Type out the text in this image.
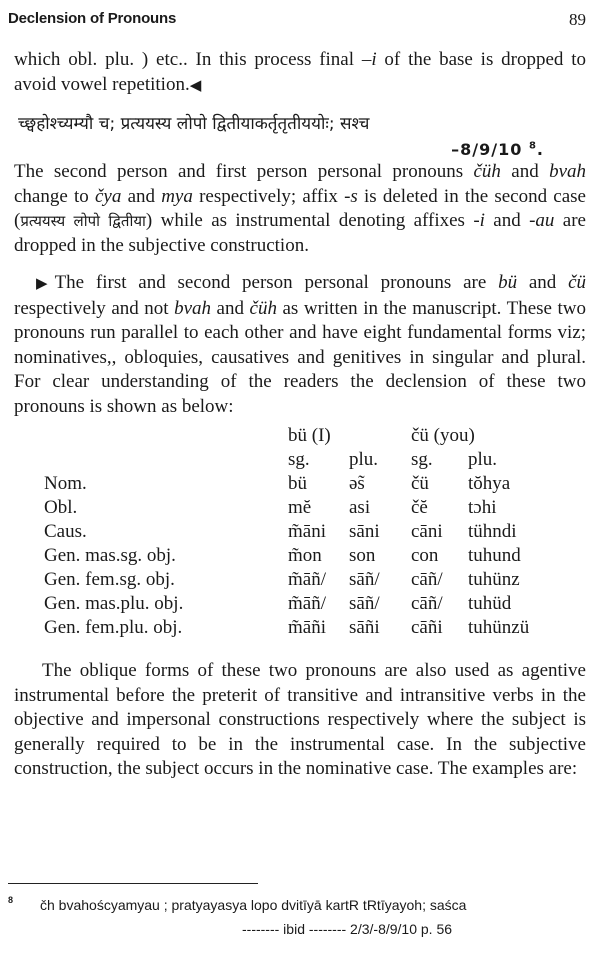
Declension of Pronouns	89
which obl. plu. ) etc.. In this process final –i of the base is dropped to avoid vowel repetition.◀
च्छ्वहोश्च्यम्यौ च; प्रत्ययस्य लोपो द्वितीयाकर्तृतृतीययोः; सश्च
–8/9/10 $^8$.
The second person and first person personal pronouns čüh and bvah change to čya and mya respectively; affix -s is deleted in the second case (प्रत्ययस्य लोपो द्वितीया) while as instrumental denoting affixes -i and -au are dropped in the subjective construction.
▶The first and second person personal pronouns are bü and čü respectively and not bvah and čüh as written in the manuscript. These two pronouns run parallel to each other and have eight fundamental forms viz; nominatives,, obloquies, causatives and genitives in singular and plural. For clear understanding of the readers the declension of these two pronouns is shown as below:
	bü (I)		čü (you)	
	sg.	plu.	sg.	plu.
Nom.	bü	əs̃	čü	tŏhya
Obl.	mĕ	asi	čĕ	tɔhi
Caus.	m̃āni	sāni	cāni	tühndi
Gen. mas.sg. obj.	m̃on	son	con	tuhund
Gen. fem.sg. obj.	m̃āñ/	sāñ/	cāñ/	tuhünz
Gen. mas.plu. obj.	m̃āñ/	sāñ/	cāñ/	tuhüd
Gen. fem.plu. obj.	m̃āñi	sāñi	cāñi	tuhünzü
The oblique forms of these two pronouns are also used as agentive instrumental before the preterit of transitive and intransitive verbs in the objective and impersonal constructions respectively where the subject is generally required to be in the instrumental case. In the subjective construction, the subject occurs in the nominative case. The examples are:
8 čh bvahoścyamyau ; pratyayasya lopo dvitīyā kartR tRtīyayoh; saśca
-------- ibid -------- 2/3/-8/9/10 p. 56
